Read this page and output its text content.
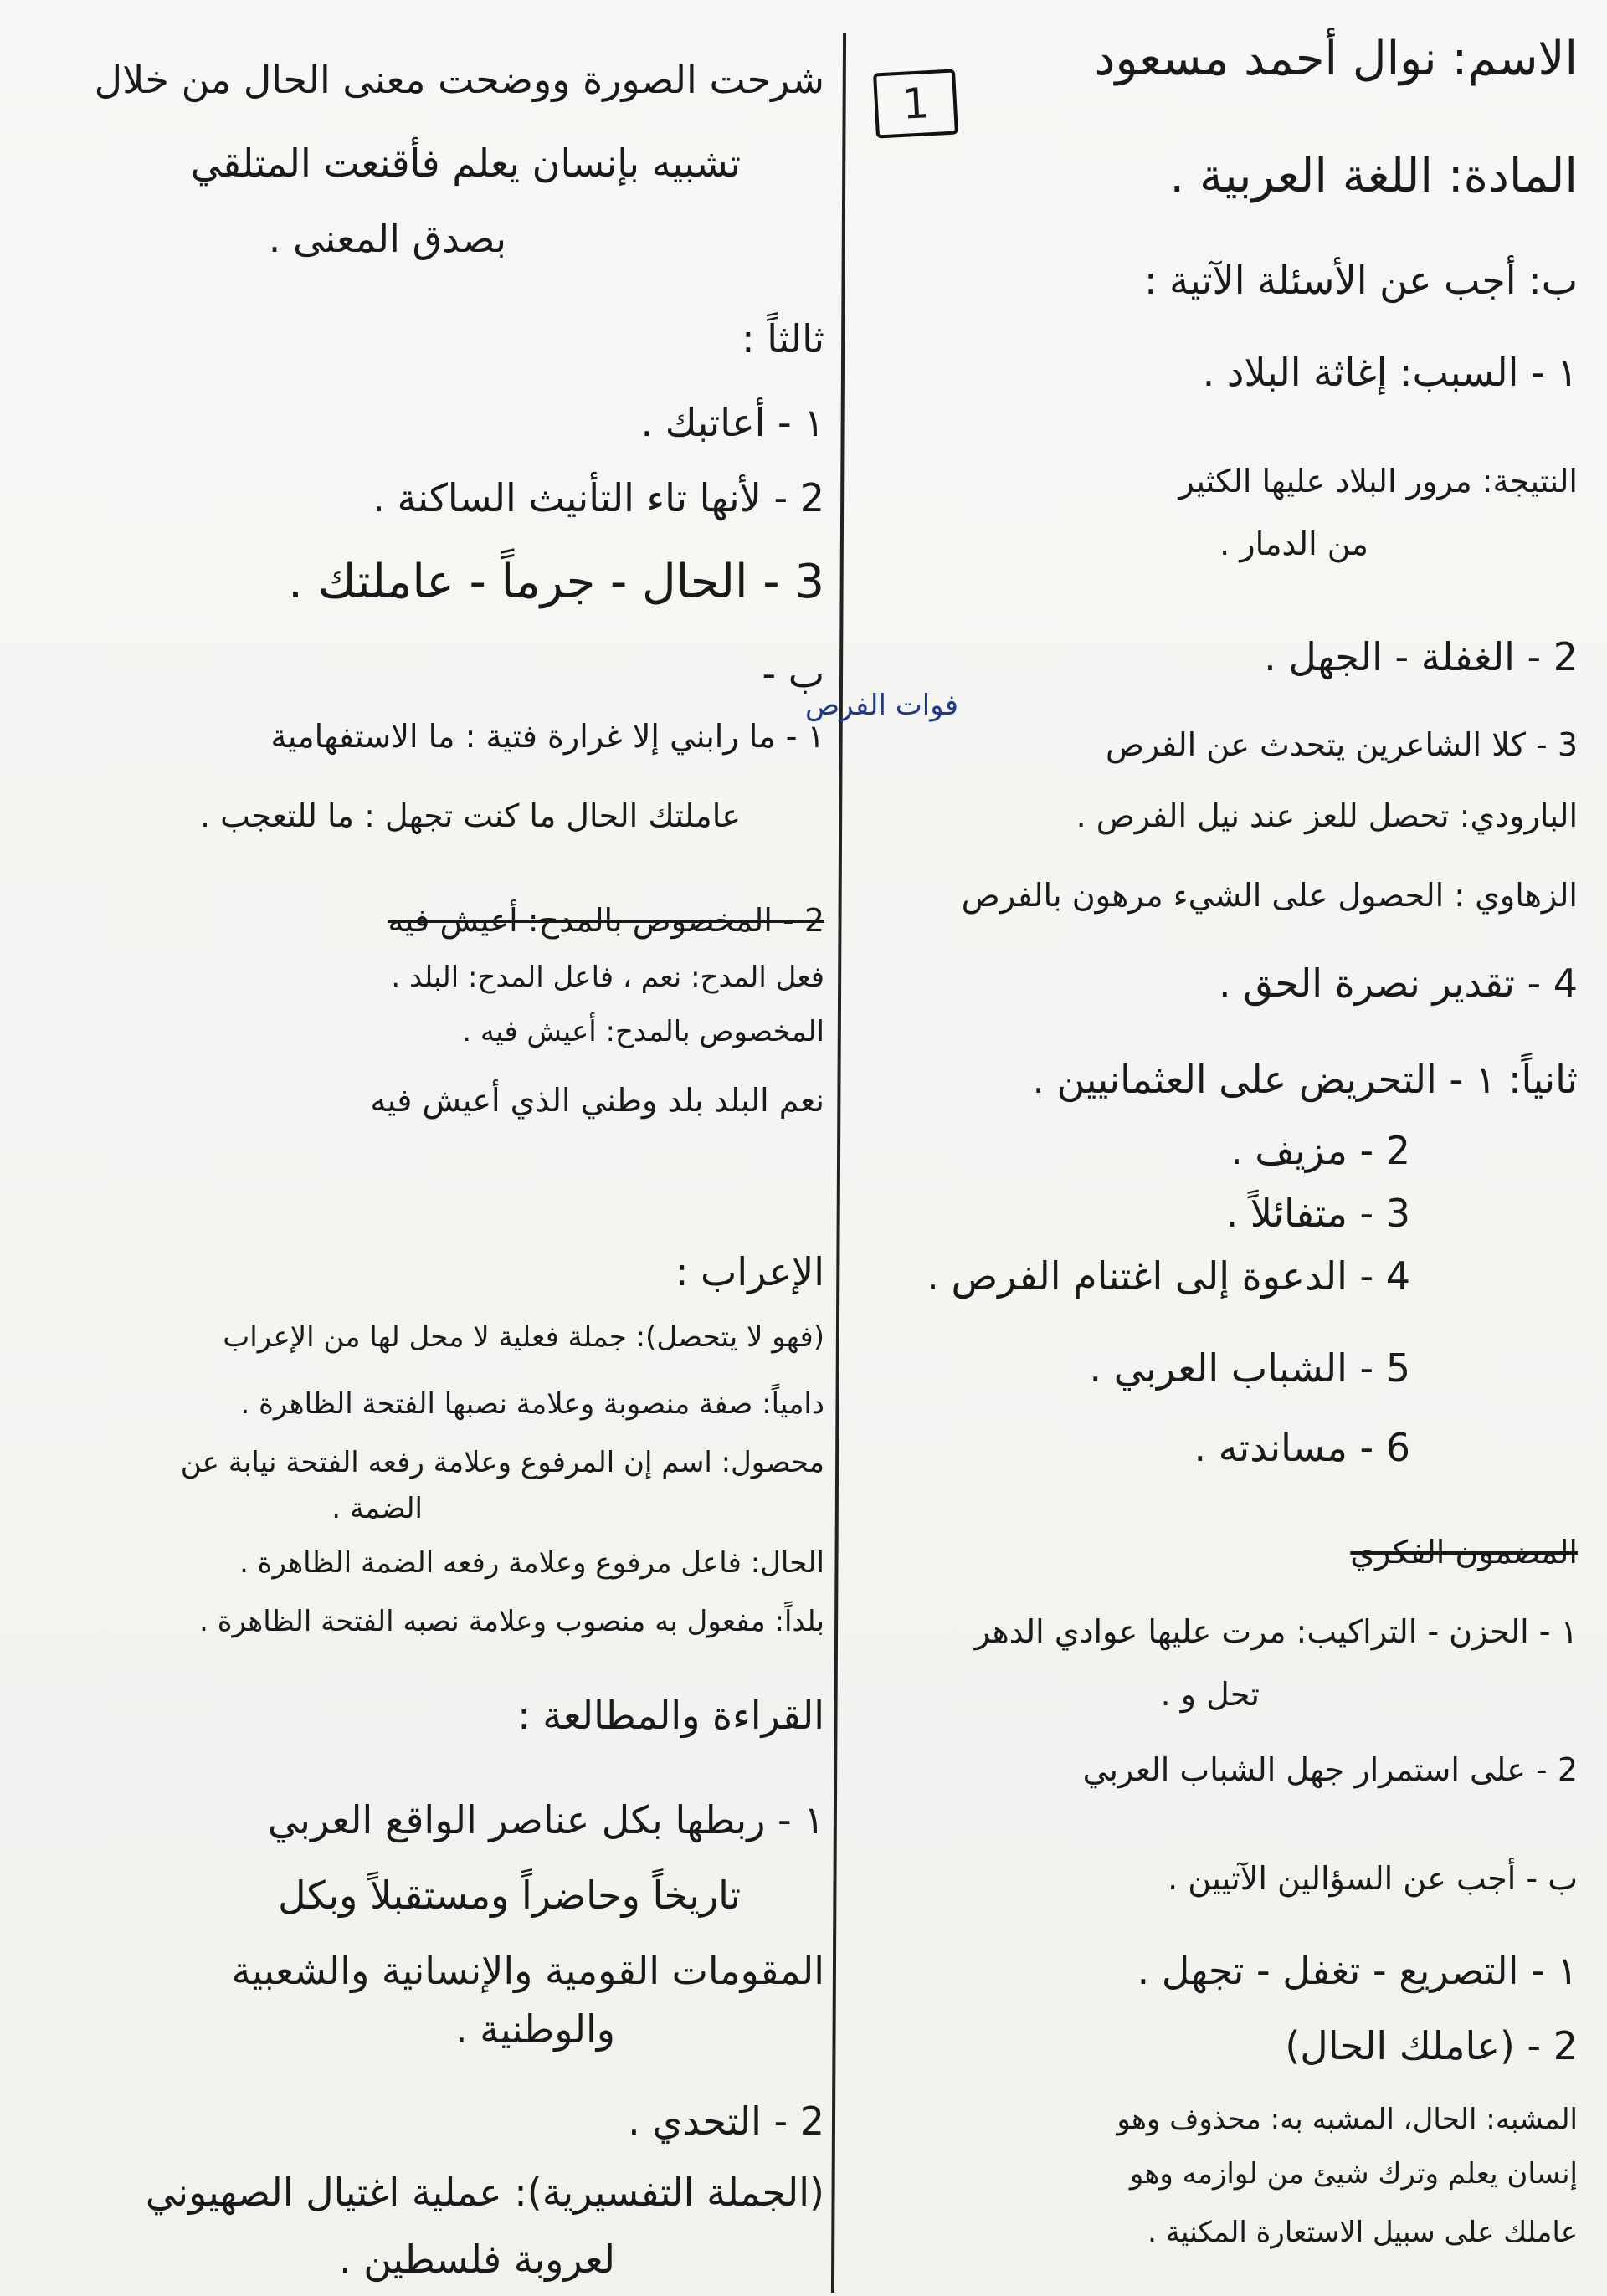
1
الاسم: نوال أحمد مسعود
المادة: اللغة العربية .
ب: أجب عن الأسئلة الآتية :
١ - السبب: إغاثة البلاد .
النتيجة: مرور البلاد عليها الكثير
من الدمار .
2 - الغفلة - الجهل .
فوات الفرص
3 - كلا الشاعرين يتحدث عن الفرص
البارودي: تحصل للعز عند نيل الفرص .
الزهاوي : الحصول على الشيء مرهون بالفرص
4 - تقدير نصرة الحق .
ثانياً: ١ - التحريض على العثمانيين .
2 - مزيف .
3 - متفائلاً .
4 - الدعوة إلى اغتنام الفرص .
5 - الشباب العربي .
6 - مساندته .
المضمون الفكري
١ - الحزن - التراكيب: مرت عليها عوادي الدهر
تحل و .
2 - على استمرار جهل الشباب العربي
ب - أجب عن السؤالين الآتيين .
١ - التصريع - تغفل - تجهل .
2 - (عاملك الحال)
المشبه: الحال، المشبه به: محذوف وهو
إنسان يعلم وترك شيئ من لوازمه وهو
عاملك على سبيل الاستعارة المكنية .
شرحت الصورة ووضحت معنى الحال من خلال
تشبيه بإنسان يعلم فأقنعت المتلقي
بصدق المعنى .
ثالثاً :
١ - أعاتبك .
2 - لأنها تاء التأنيث الساكنة .
3 - الحال - جرماً - عاملتك .
ب -
١ - ما رابني إلا غرارة فتية : ما الاستفهامية
عاملتك الحال ما كنت تجهل : ما للتعجب .
2 - المخصوص بالمدح: أعيش فيه
فعل المدح: نعم ، فاعل المدح: البلد .
المخصوص بالمدح: أعيش فيه .
نعم البلد بلد وطني الذي أعيش فيه
الإعراب :
(فهو لا يتحصل): جملة فعلية لا محل لها من الإعراب
دامياً: صفة منصوبة وعلامة نصبها الفتحة الظاهرة .
محصول: اسم إن المرفوع وعلامة رفعه الفتحة نيابة عن
الضمة .
الحال: فاعل مرفوع وعلامة رفعه الضمة الظاهرة .
بلداً: مفعول به منصوب وعلامة نصبه الفتحة الظاهرة .
القراءة والمطالعة :
١ - ربطها بكل عناصر الواقع العربي
تاريخاً وحاضراً ومستقبلاً وبكل
المقومات القومية والإنسانية والشعبية
والوطنية .
2 - التحدي .
(الجملة التفسيرية): عملية اغتيال الصهيوني
لعروبة فلسطين .
